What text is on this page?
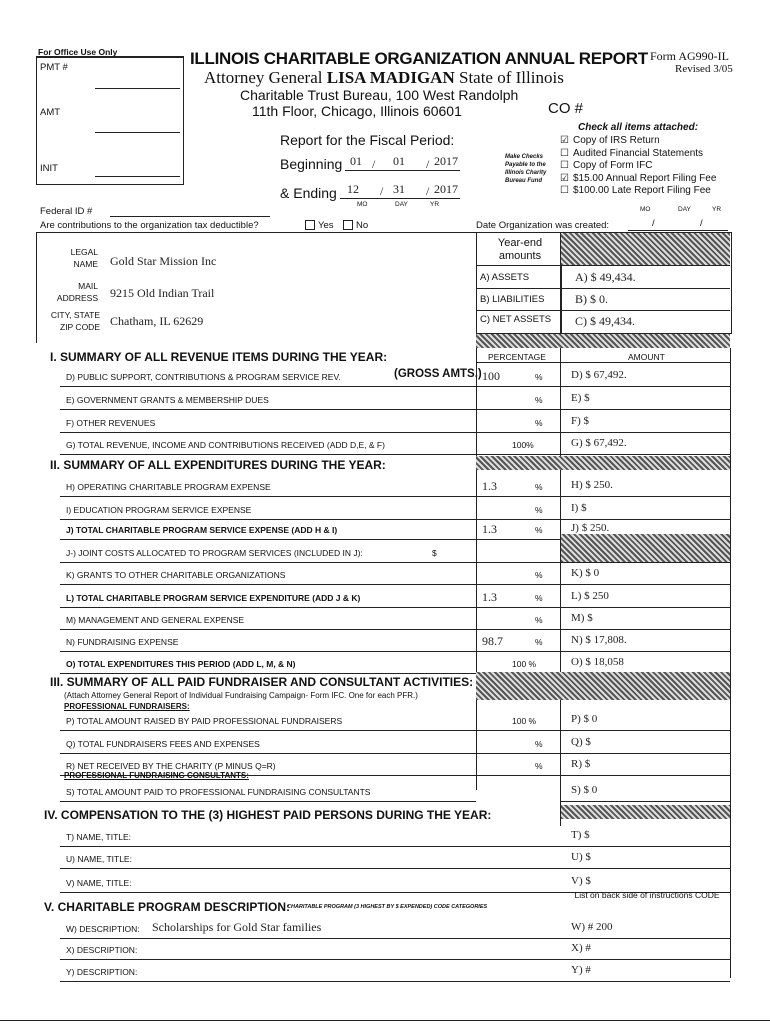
For Office Use Only
PMT #
AMT
INIT
ILLINOIS CHARITABLE ORGANIZATION ANNUAL REPORT
Attorney General LISA MADIGAN State of Illinois
Charitable Trust Bureau, 100 West Randolph
11th Floor, Chicago, Illinois 60601	CO #
Form AG990-IL
Revised 3/05
Report for the Fiscal Period:
Beginning 01 / 01 / 2017
& Ending 12 / 31 / 2017
MO	DAY	YR
Make Checks Payable to the Illinois Charity Bureau Fund
Check all items attached:
☑ Copy of IRS Return
☐ Audited Financial Statements
☐ Copy of Form IFC
☑ $15.00 Annual Report Filing Fee
☐ $100.00 Late Report Filing Fee
Federal ID #
Are contributions to the organization tax deductible?	Yes	No	Date Organization was created:	/	/
MO	DAY	YR
LEGAL NAME Gold Star Mission Inc
MAIL ADDRESS 9215 Old Indian Trail
CITY, STATE ZIP CODE Chatham, IL 62629
Year-end amounts
A) ASSETS	A) $ 49,434.
B) LIABILITIES	B) $ 0.
C) NET ASSETS C) $ 49,434.
I. SUMMARY OF ALL REVENUE ITEMS DURING THE YEAR:	PERCENTAGE	AMOUNT
D) PUBLIC SUPPORT, CONTRIBUTIONS & PROGRAM SERVICE REV.	(GROSS AMTS.) 100	%	D) $ 67,492.
E) GOVERNMENT GRANTS & MEMBERSHIP DUES	%	E) $
F) OTHER REVENUES	%	F) $
G) TOTAL REVENUE, INCOME AND CONTRIBUTIONS RECEIVED (ADD D,E, & F)	100%	G) $ 67,492.
H) OPERATING CHARITABLE PROGRAM EXPENSE	1.3	%	H) $ 250.
I) EDUCATION PROGRAM SERVICE EXPENSE	%	I) $
J) TOTAL CHARITABLE PROGRAM SERVICE EXPENSE (ADD H & I)	1.3	%	J) $ 250.
J-) JOINT COSTS ALLOCATED TO PROGRAM SERVICES (INCLUDED IN J):	$
K) GRANTS TO OTHER CHARITABLE ORGANIZATIONS	%	K) $ 0
L) TOTAL CHARITABLE PROGRAM SERVICE EXPENDITURE (ADD J & K)	1.3	%	L) $ 250
M) MANAGEMENT AND GENERAL EXPENSE	%	M) $
N) FUNDRAISING EXPENSE	98.7	%	N) $ 17,808.
O) TOTAL EXPENDITURES THIS PERIOD (ADD L, M, & N)	100 %	O) $ 18,058
P) TOTAL AMOUNT RAISED BY PAID PROFESSIONAL FUNDRAISERS	100 %	P) $ 0
Q) TOTAL FUNDRAISERS FEES AND EXPENSES	%	Q) $
R) NET RECEIVED BY THE CHARITY (P MINUS Q=R)	%	R) $
S) TOTAL AMOUNT PAID TO PROFESSIONAL FUNDRAISING CONSULTANTS	S) $ 0
T) NAME, TITLE:	T) $
U) NAME, TITLE:	U) $
V) NAME, TITLE:	V) $
W) DESCRIPTION: Scholarships for Gold Star families	W) # 200
X) DESCRIPTION:	X) #
Y) DESCRIPTION:	Y) #
II. SUMMARY OF ALL EXPENDITURES DURING THE YEAR:
III. SUMMARY OF ALL PAID FUNDRAISER AND CONSULTANT ACTIVITIES:
(Attach Attorney General Report of Individual Fundraising Campaign- Form IFC. One for each PFR.)
PROFESSIONAL FUNDRAISERS:
PROFESSIONAL FUNDRAISING CONSULTANTS:
IV. COMPENSATION TO THE (3) HIGHEST PAID PERSONS DURING THE YEAR:
V. CHARITABLE PROGRAM DESCRIPTION:
CHARITABLE PROGRAM (3 HIGHEST BY $ EXPENDED) CODE CATEGORIES
List on back side of instructions CODE
